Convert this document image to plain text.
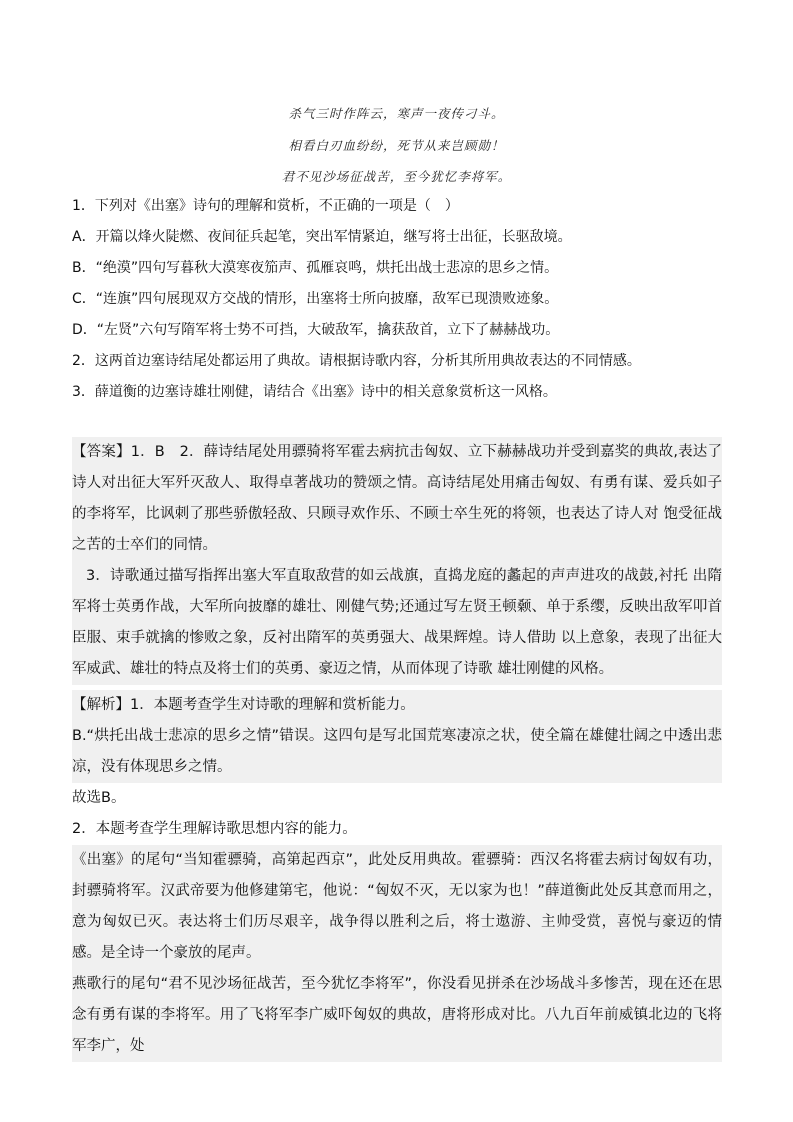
杀气三时作阵云，寒声一夜传刁斗。
相看白刃血纷纷，死节从来岂顾勋！
君不见沙场征战苦，至今犹忆李将军。
1．下列对《出塞》诗句的理解和赏析，不正确的一项是（　）
A．开篇以烽火陡燃、夜间征兵起笔，突出军情紧迫，继写将士出征，长驱敌境。
B．“绝漠”四句写暮秋大漠寒夜笳声、孤雁哀鸣，烘托出战士悲凉的思乡之情。
C．“连旗”四句展现双方交战的情形，出塞将士所向披靡，敌军已现溃败迹象。
D．“左贤”六句写隋军将士势不可挡，大破敌军，擒获敌首，立下了赫赫战功。
2．这两首边塞诗结尾处都运用了典故。请根据诗歌内容，分析其所用典故表达的不同情感。
3．薛道衡的边塞诗雄壮刚健，请结合《出塞》诗中的相关意象赏析这一风格。

【答案】1．B　2．薛诗结尾处用骠骑将军霍去病抗击匈奴、立下赫赫战功并受到嘉奖的典故,表达了诗人对出征大军歼灭敌人、取得卓著战功的赞颂之情。高诗结尾处用痛击匈奴、有勇有谋、爱兵如子 的李将军，比讽刺了那些骄傲轻敌、只顾寻欢作乐、不顾士卒生死的将领，也表达了诗人对 饱受征战之苦的士卒们的同情。

3．诗歌通过描写指挥出塞大军直取敌营的如云战旗，直捣龙庭的蠡起的声声进攻的战鼓,衬托 出隋军将士英勇作战，大军所向披靡的雄壮、刚健气势;还通过写左贤王顿颡、单于系缨，反映出敌军叩首臣服、束手就擒的惨败之象，反衬出隋军的英勇强大、战果辉煌。诗人借助 以上意象，表现了出征大军威武、雄壮的特点及将士们的英勇、豪迈之情，从而体现了诗歌 雄壮刚健的风格。

【解析】1．本题考查学生对诗歌的理解和赏析能力。

B.“烘托出战士悲凉的思乡之情”错误。这四句是写北国荒寒凄凉之状，使全篇在雄健壮阔之中透出悲凉，没有体现思乡之情。

故选B。

2．本题考查学生理解诗歌思想内容的能力。

《出塞》的尾句“当知霍骠骑，高第起西京”，此处反用典故。霍骠骑：西汉名将霍去病讨匈奴有功，封骠骑将军。汉武帝要为他修建第宅，他说：“匈奴不灭，无以家为也！”薛道衡此处反其意而用之，意为匈奴已灭。表达将士们历尽艰辛，战争得以胜利之后，将士遨游、主帅受赏，喜悦与豪迈的情感。是全诗一个豪放的尾声。

燕歌行的尾句“君不见沙场征战苦，至今犹忆李将军”，你没看见拼杀在沙场战斗多惨苦，现在还在思念有勇有谋的李将军。用了飞将军李广威吓匈奴的典故，唐将形成对比。八九百年前威镇北边的飞将军李广，处
